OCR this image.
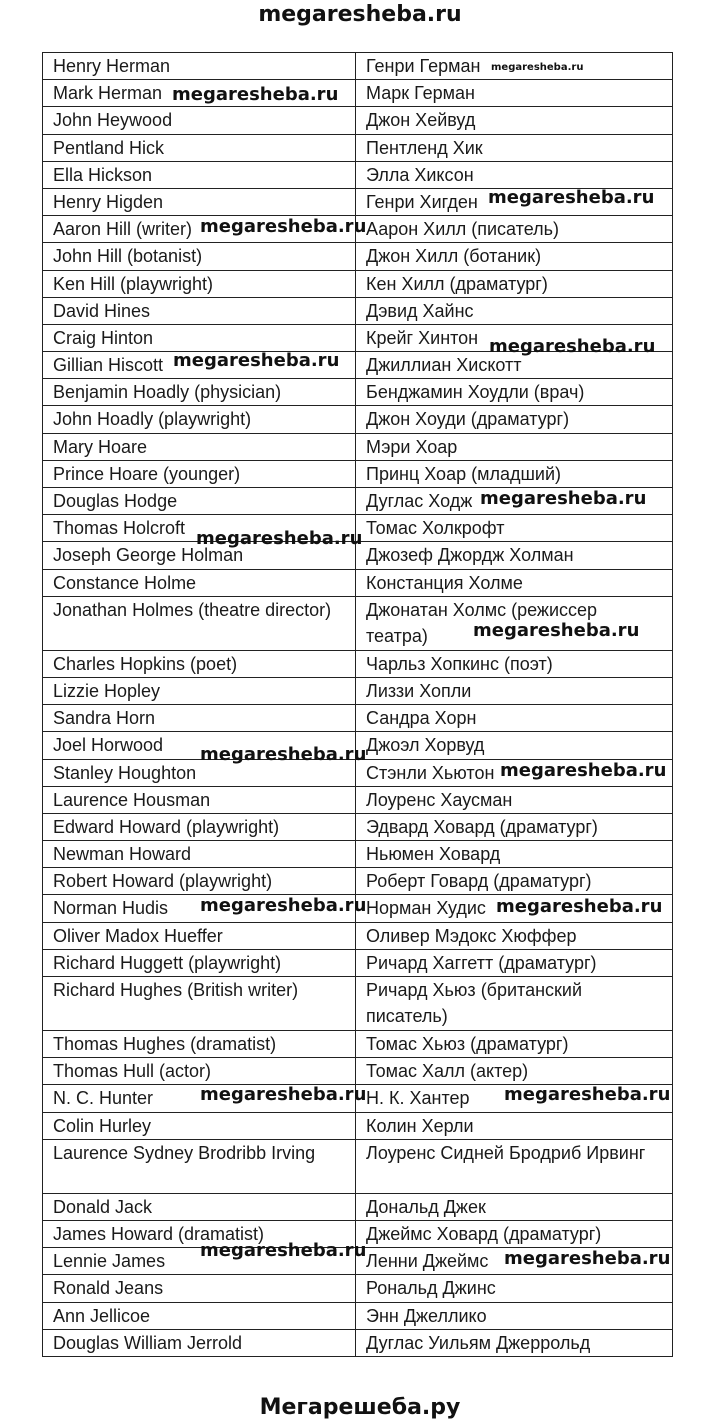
megaresheba.ru
Henry Herman	Генри Герман
Mark Herman	Марк Герман
John Heywood	Джон Хейвуд
Pentland Hick	Пентленд Хик
Ella Hickson	Элла Хиксон
Henry Higden	Генри Хигден
Aaron Hill (writer)	Аарон Хилл (писатель)
John Hill (botanist)	Джон Хилл (ботаник)
Ken Hill (playwright)	Кен Хилл (драматург)
David Hines	Дэвид Хайнс
Craig Hinton	Крейг Хинтон
Gillian Hiscott	Джиллиан Хискотт
Benjamin Hoadly (physician)	Бенджамин Хоудли (врач)
John Hoadly (playwright)	Джон Хоуди (драматург)
Mary Hoare	Мэри Хоар
Prince Hoare (younger)	Принц Хоар (младший)
Douglas Hodge	Дуглас Ходж
Thomas Holcroft	Томас Холкрофт
Joseph George Holman	Джозеф Джордж Холман
Constance Holme	Констанция Холме
Jonathan Holmes (theatre director)	Джонатан Холмс (режиссер театра)
Charles Hopkins (poet)	Чарльз Хопкинс (поэт)
Lizzie Hopley	Лиззи Хопли
Sandra Horn	Сандра Хорн
Joel Horwood	Джоэл Хорвуд
Stanley Houghton	Стэнли Хьютон
Laurence Housman	Лоуренс Хаусман
Edward Howard (playwright)	Эдвард Ховард (драматург)
Newman Howard	Ньюмен Ховард
Robert Howard (playwright)	Роберт Говард (драматург)
Norman Hudis	Норман Худис
Oliver Madox Hueffer	Оливер Мэдокс Хюффер
Richard Huggett (playwright)	Ричард Хаггетт (драматург)
Richard Hughes (British writer)	Ричард Хьюз (британский писатель)
Thomas Hughes (dramatist)	Томас Хьюз (драматург)
Thomas Hull (actor)	Томас Халл (актер)
N. C. Hunter	Н. К. Хантер
Colin Hurley	Колин Херли
Laurence Sydney Brodribb Irving	Лоуренс Сидней Бродриб Ирвинг
Donald Jack	Дональд Джек
James Howard (dramatist)	Джеймс Ховард (драматург)
Lennie James	Ленни Джеймс
Ronald Jeans	Рональд Джинс
Ann Jellicoe	Энн Джеллико
Douglas William Jerrold	Дуглас Уильям Джеррольд
megaresheba.ru
megaresheba.ru
megaresheba.ru
megaresheba.ru
megaresheba.ru
megaresheba.ru
megaresheba.ru
megaresheba.ru
megaresheba.ru
megaresheba.ru
megaresheba.ru
megaresheba.ru	megaresheba.ru
megaresheba.ru	megaresheba.ru
megaresheba.ru	megaresheba.ru
Мегарешеба.ру
